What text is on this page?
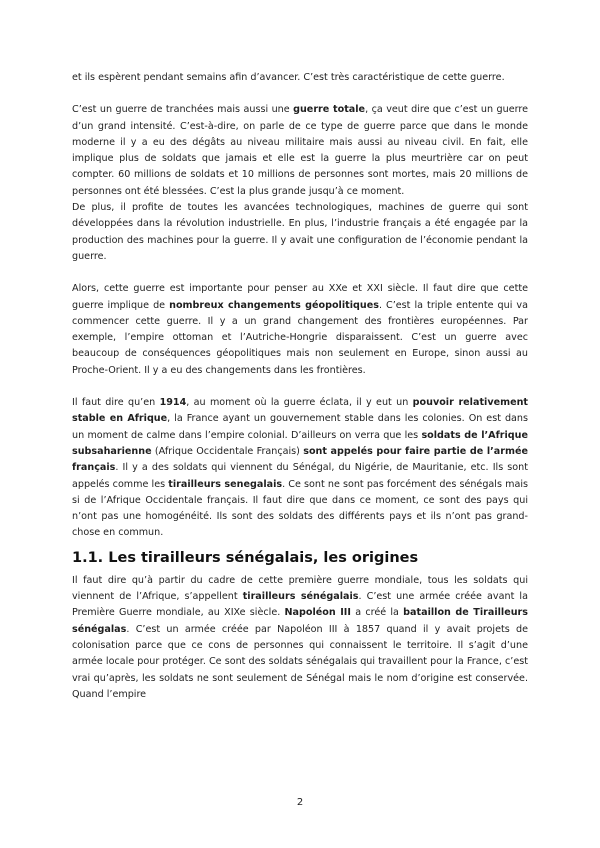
et ils espèrent pendant semains afin d’avancer. C’est très caractéristique de cette guerre.

C’est un guerre de tranchées mais aussi une guerre totale, ça veut dire que c’est un guerre d’un grand intensité. C’est-à-dire, on parle de ce type de guerre parce que dans le monde moderne il y a eu des dégâts au niveau militaire mais aussi au niveau civil. En fait, elle implique plus de soldats que jamais et elle est la guerre la plus meurtrière car on peut compter. 60 millions de soldats et 10 millions de personnes sont mortes, mais 20 millions de personnes ont été blessées. C’est la plus grande jusqu’à ce moment.

De plus, il profite de toutes les avancées technologiques, machines de guerre qui sont développées dans la révolution industrielle. En plus, l’industrie français a été engagée par la production des machines pour la guerre. Il y avait une configuration de l’économie pendant la guerre.

Alors, cette guerre est importante pour penser au XXe et XXI siècle. Il faut dire que cette guerre implique de nombreux changements géopolitiques. C’est la triple entente qui va commencer cette guerre. Il y a un grand changement des frontières européennes. Par exemple, l’empire ottoman et l’Autriche-Hongrie disparaissent. C’est un guerre avec beaucoup de conséquences géopolitiques mais non seulement en Europe, sinon aussi au Proche-Orient. Il y a eu des changements dans les frontières.

Il faut dire qu’en 1914, au moment où la guerre éclata, il y eut un pouvoir relativement stable en Afrique, la France ayant un gouvernement stable dans les colonies. On est dans un moment de calme dans l’empire colonial. D’ailleurs on verra que les soldats de l’Afrique subsaharienne (Afrique Occidentale Français) sont appelés pour faire partie de l’armée français. Il y a des soldats qui viennent du Sénégal, du Nigérie, de Mauritanie, etc. Ils sont appelés comme les tirailleurs senegalais. Ce sont ne sont pas forcément des sénégals mais si de l’Afrique Occidentale français. Il faut dire que dans ce moment, ce sont des pays qui n’ont pas une homogénéité. Ils sont des soldats des différents pays et ils n’ont pas grand-chose en commun.

1.1. Les tirailleurs sénégalais, les origines

Il faut dire qu’à partir du cadre de cette première guerre mondiale, tous les soldats qui viennent de l’Afrique, s’appellent tirailleurs sénégalais. C’est une armée créée avant la Première Guerre mondiale, au XIXe siècle. Napoléon III a créé la bataillon de Tirailleurs sénégalas. C’est un armée créée par Napoléon III à 1857 quand il y avait projets de colonisation parce que ce cons de personnes qui connaissent le territoire. Il s’agit d’une armée locale pour protéger. Ce sont des soldats sénégalais qui travaillent pour la France, c’est vrai qu’après, les soldats ne sont seulement de Sénégal mais le nom d’origine est conservée. Quand l’empire

2
